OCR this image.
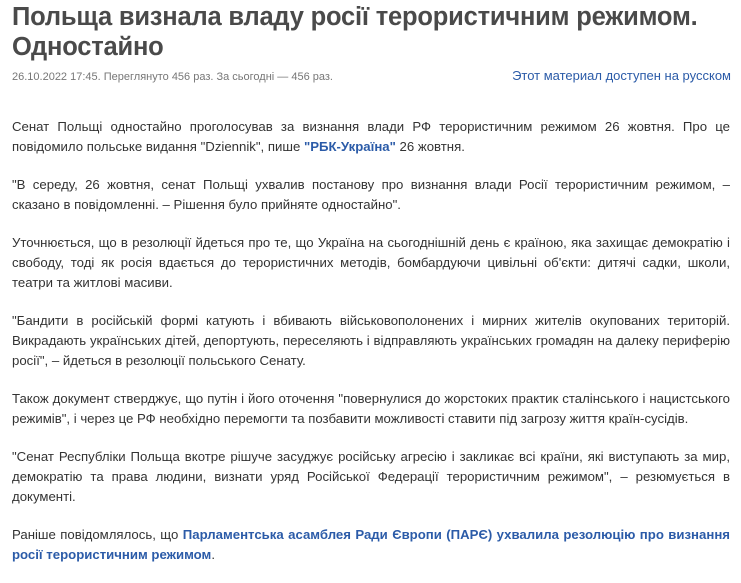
Польща визнала владу росії терористичним режимом. Одностайно
26.10.2022 17:45. Переглянуто 456 раз. За сьогодні — 456 раз.	Этот материал доступен на русском

Сенат Польщі одностайно проголосував за визнання влади РФ терористичним режимом 26 жовтня. Про це повідомило польське видання "Dziennik", пише "РБК-Україна" 26 жовтня.

"В середу, 26 жовтня, сенат Польщі ухвалив постанову про визнання влади Росії терористичним режимом, – сказано в повідомленні. – Рішення було прийняте одностайно".

Уточнюється, що в резолюції йдеться про те, що Україна на сьогоднішній день є країною, яка захищає демократію і свободу, тоді як росія вдається до терористичних методів, бомбардуючи цивільні об'єкти: дитячі садки, школи, театри та житлові масиви.

"Бандити в російській формі катують і вбивають військовополонених і мирних жителів окупованих територій. Викрадають українських дітей, депортують, переселяють і відправляють українських громадян на далеку периферію росії", – йдеться в резолюції польського Сенату.

Також документ стверджує, що путін і його оточення "повернулися до жорстоких практик сталінського і нацистського режимів", і через це РФ необхідно перемогти та позбавити можливості ставити під загрозу життя країн-сусідів.

"Сенат Республіки Польща вкотре рішуче засуджує російську агресію і закликає всі країни, які виступають за мир, демократію та права людини, визнати уряд Російської Федерації терористичним режимом", – резюмується в документі.

Раніше повідомлялось, що Парламентська асамблея Ради Європи (ПАРЄ) ухвалила резолюцію про визнання росії терористичним режимом.
